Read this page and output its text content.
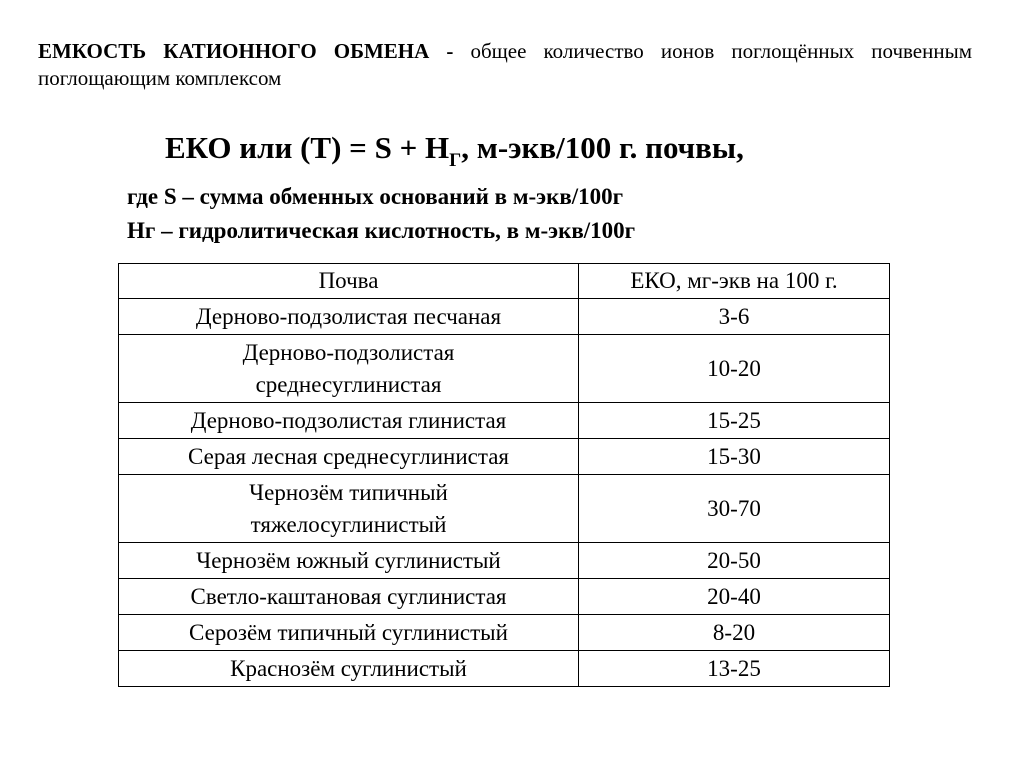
ЕМКОСТЬ КАТИОННОГО ОБМЕНА - общее количество ионов поглощённых почвенным поглощающим комплексом
ЕКО или $(Т) = S + Н_Г$, м-экв/100 г. почвы,
где S – сумма обменных оснований в м-экв/100г
Нг – гидролитическая кислотность, в м-экв/100г
Почва	ЕКО, мг-экв на 100 г.
Дерново-подзолистая песчаная	3-6

Дерново-подзолистая
среднесуглинистая	10-20
Дерново-подзолистая глинистая	15-25
Серая лесная среднесуглинистая	15-30

Чернозём типичный
тяжелосуглинистый	30-70
Чернозём южный суглинистый	20-50
Светло-каштановая суглинистая	20-40
Серозём типичный суглинистый	8-20
Краснозём суглинистый	13-25
